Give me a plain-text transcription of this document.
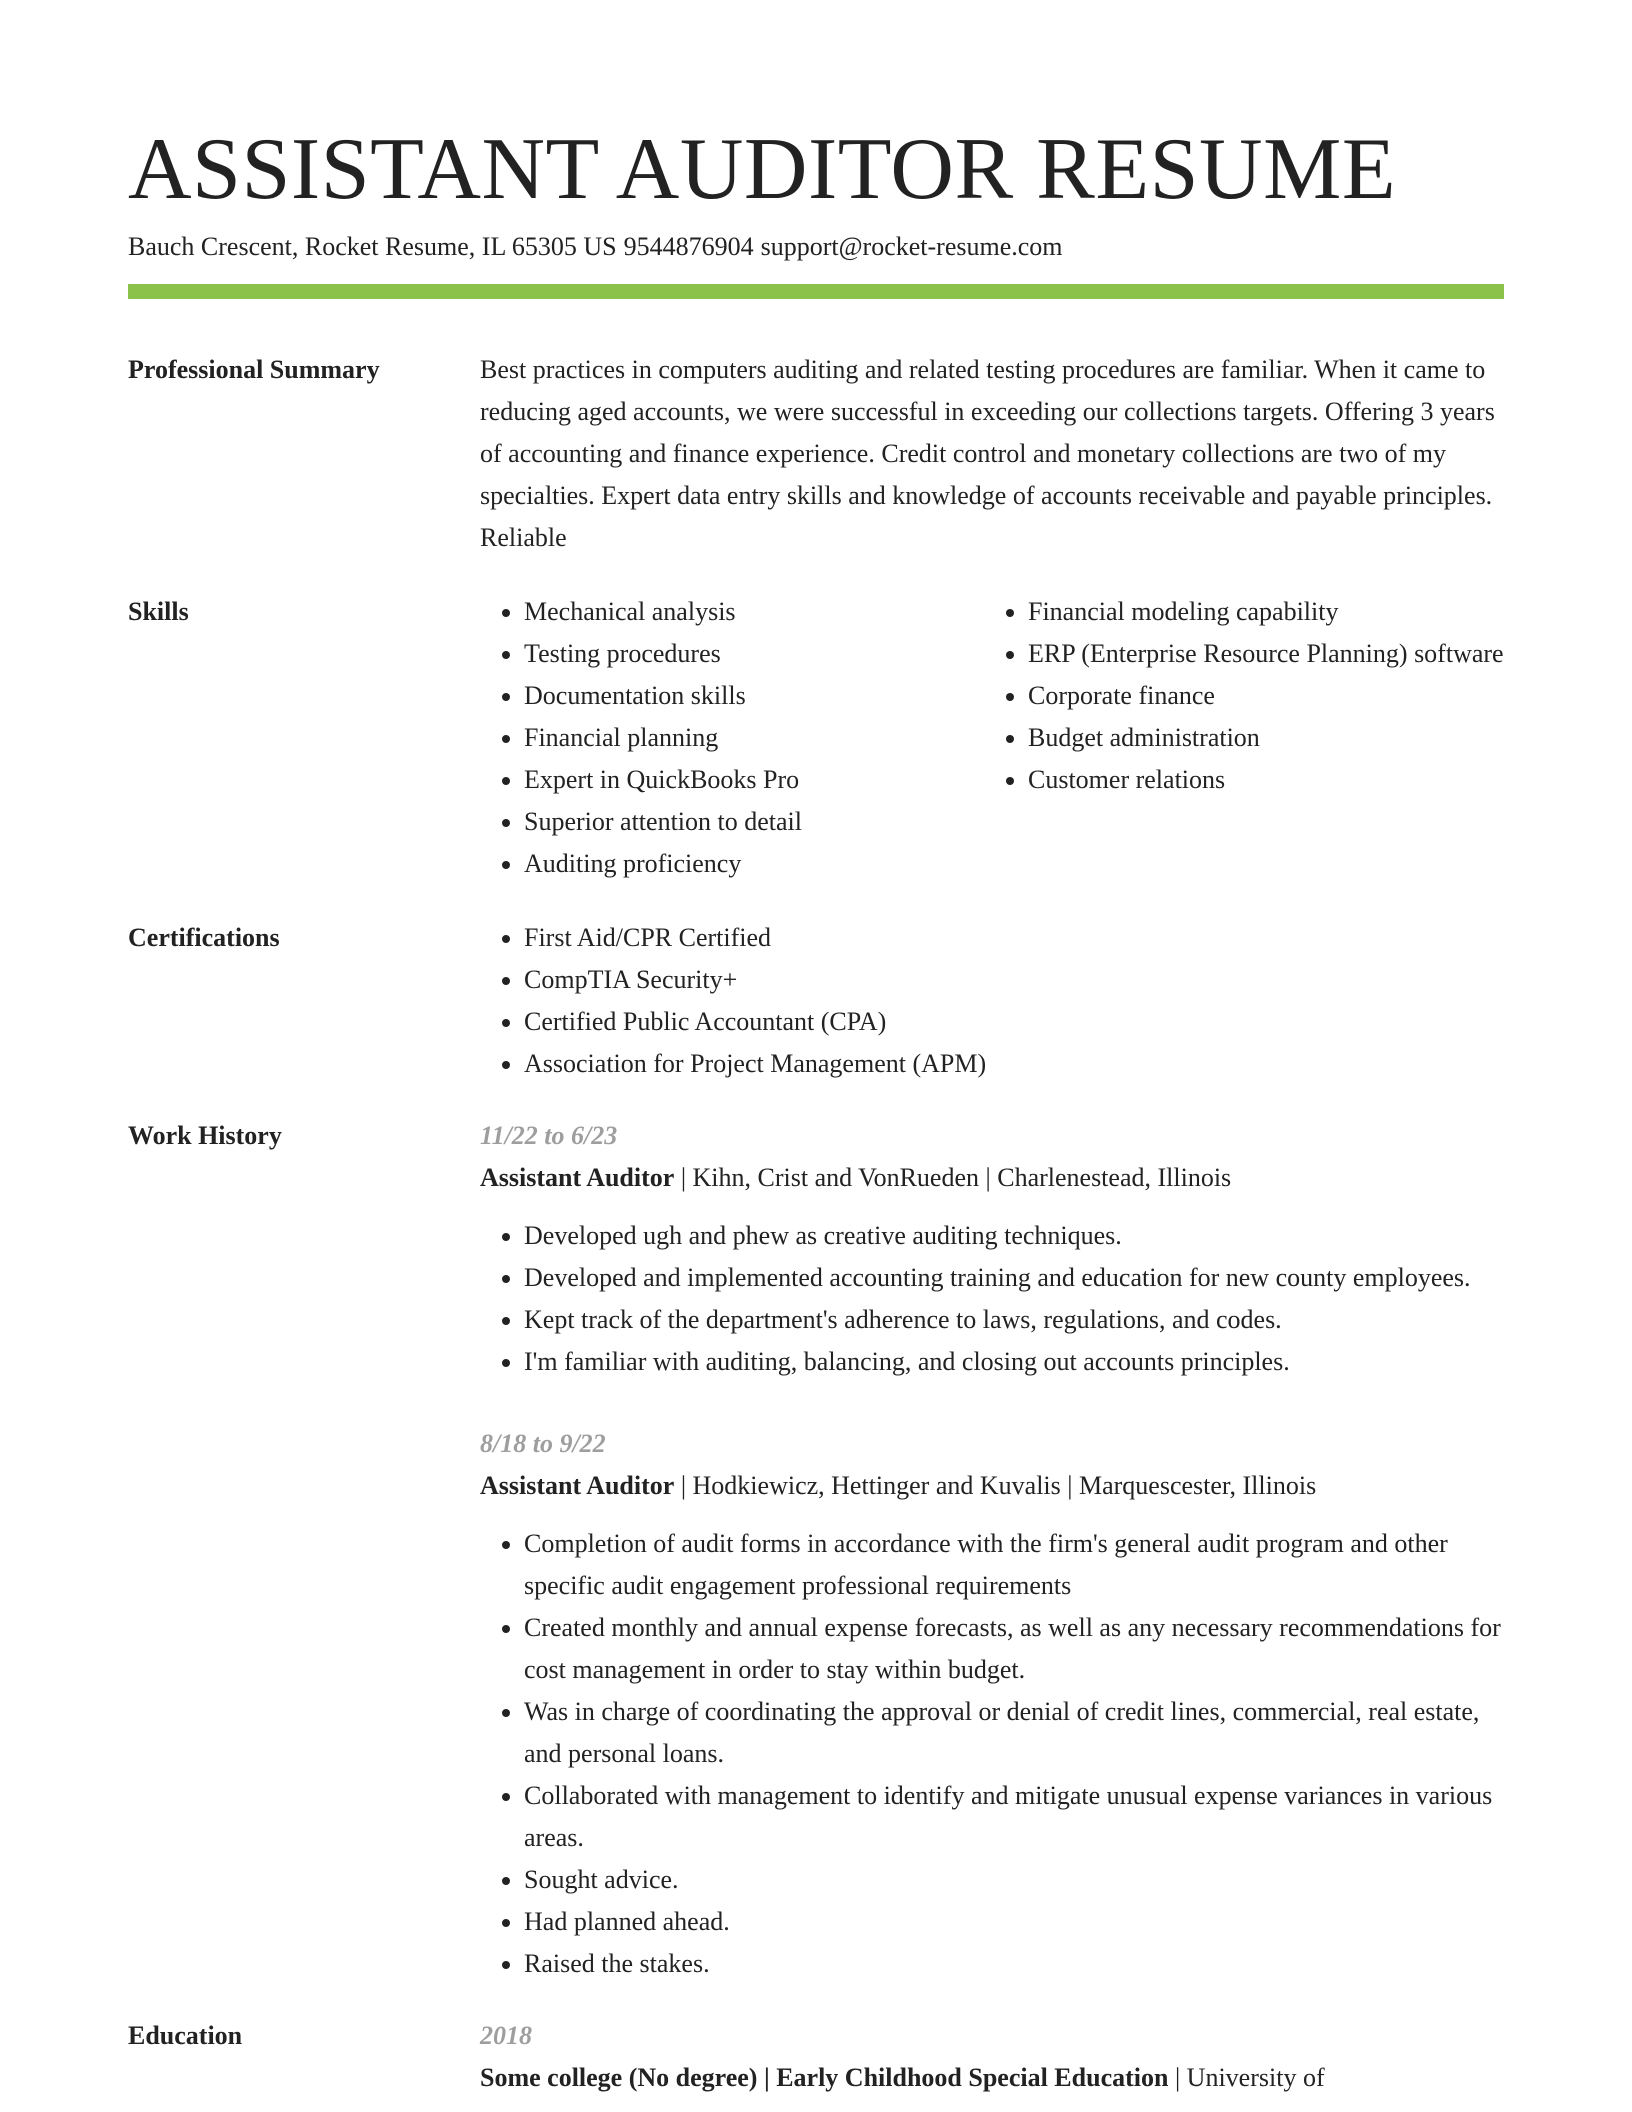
ASSISTANT AUDITOR RESUME
Bauch Crescent, Rocket Resume, IL 65305 US 9544876904 support@rocket-resume.com
Professional Summary	Best practices in computers auditing and related testing procedures are familiar. When it came to reducing aged accounts, we were successful in exceeding our collections targets. Offering 3 years of accounting and finance experience. Credit control and monetary collections are two of my specialties. Expert data entry skills and knowledge of accounts receivable and payable principles. Reliable

Skills	• Mechanical analysis
• Testing procedures
• Documentation skills
• Financial planning
• Expert in QuickBooks Pro
• Superior attention to detail
• Auditing proficiency
• Financial modeling capability
• ERP (Enterprise Resource Planning) software
• Corporate finance
• Budget administration
• Customer relations
Certifications	• First Aid/CPR Certified
• CompTIA Security+
• Certified Public Accountant (CPA)
• Association for Project Management (APM)
Work History	11/22 to 6/23
Assistant Auditor | Kihn, Crist and VonRueden | Charlenestead, Illinois
• Developed ugh and phew as creative auditing techniques.
• Developed and implemented accounting training and education for new county employees.
• Kept track of the department's adherence to laws, regulations, and codes.
• I'm familiar with auditing, balancing, and closing out accounts principles.
8/18 to 9/22
Assistant Auditor | Hodkiewicz, Hettinger and Kuvalis | Marquescester, Illinois
• Completion of audit forms in accordance with the firm's general audit program and other specific audit engagement professional requirements
• Created monthly and annual expense forecasts, as well as any necessary recommendations for cost management in order to stay within budget.
• Was in charge of coordinating the approval or denial of credit lines, commercial, real estate, and personal loans.
• Collaborated with management to identify and mitigate unusual expense variances in various areas.
• Sought advice.
• Had planned ahead.
• Raised the stakes.
Education	2018
Some college (No degree) | Early Childhood Special Education | University of
